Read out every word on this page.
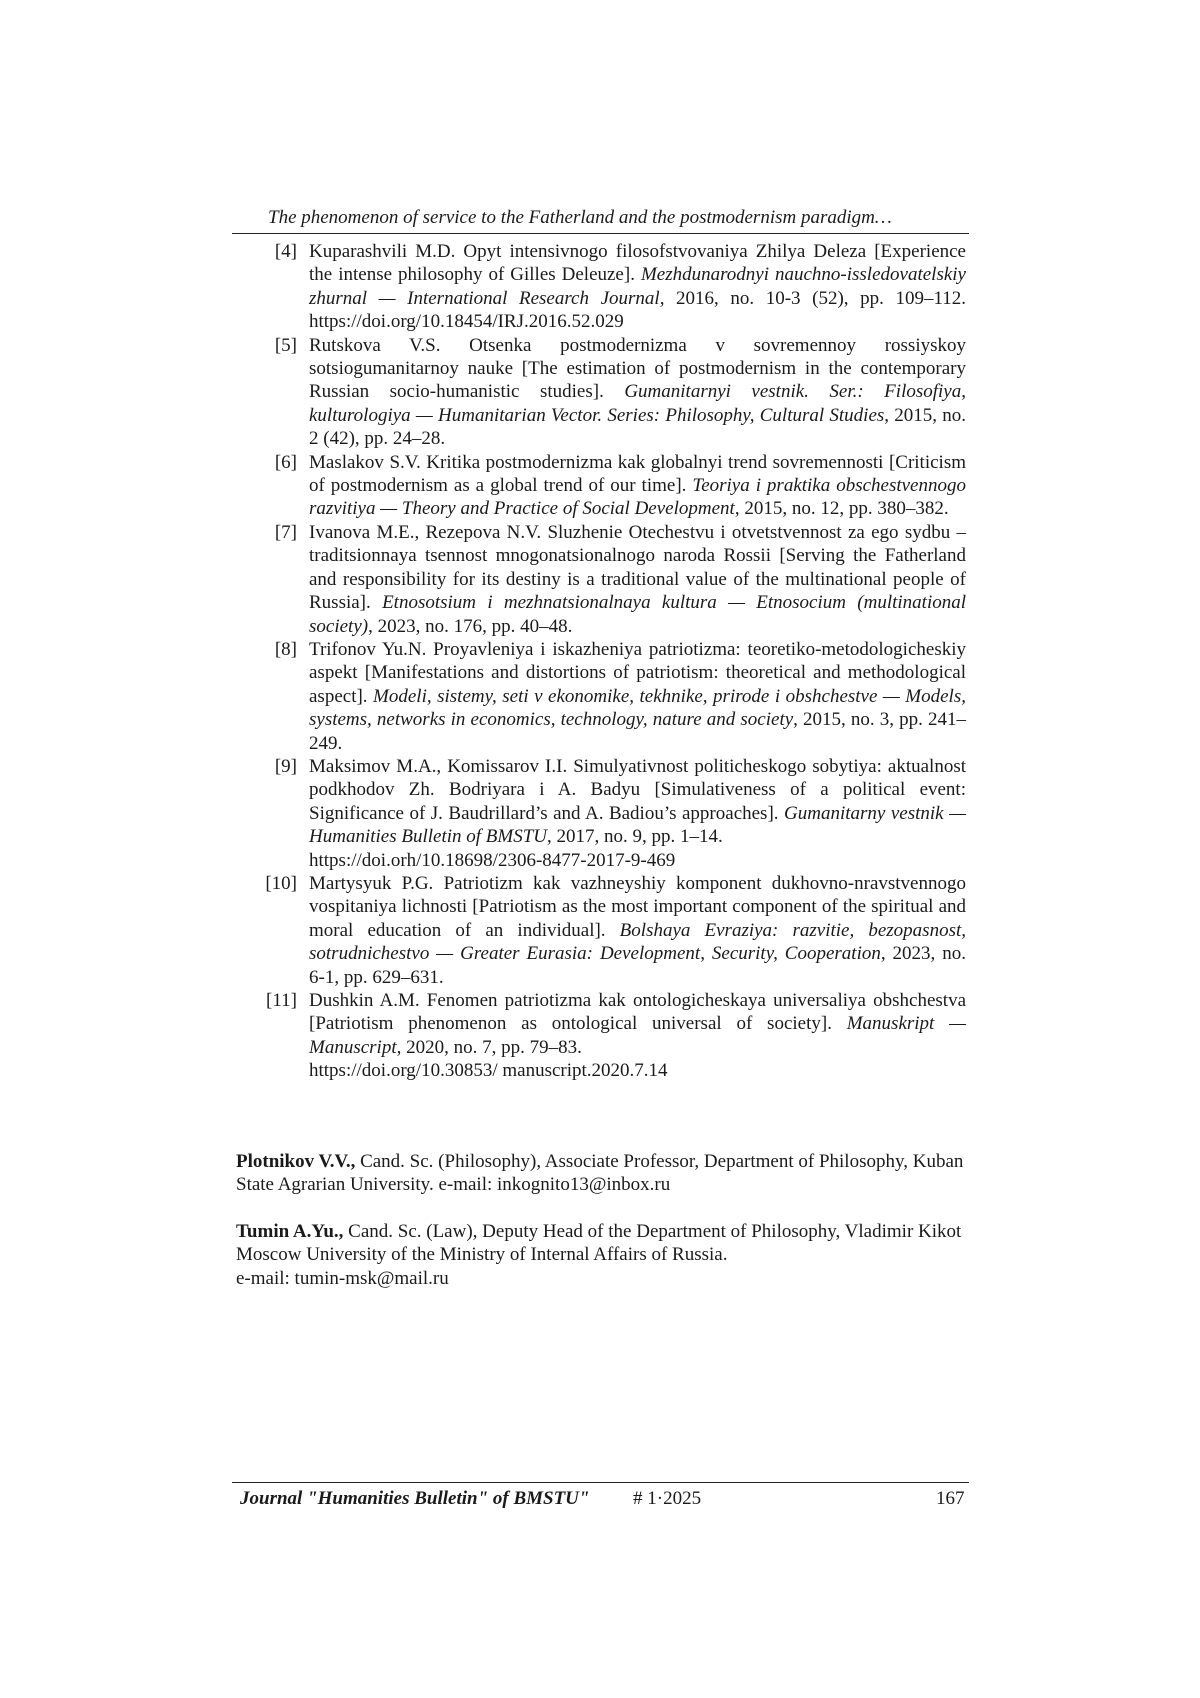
The phenomenon of service to the Fatherland and the postmodernism paradigm…
[4] Kuparashvili M.D. Opyt intensivnogo filosofstvovaniya Zhilya Deleza [Experience the intense philosophy of Gilles Deleuze]. Mezhdunarodnyi nauchno-issledovatelskiy zhurnal — International Research Journal, 2016, no. 10-3 (52), pp. 109–112. https://doi.org/10.18454/IRJ.2016.52.029
[5] Rutskova V.S. Otsenka postmodernizma v sovremennoy rossiyskoy sotsiogumanitarnoy nauke [The estimation of postmodernism in the contemporary Russian socio-humanistic studies]. Gumanitarnyi vestnik. Ser.: Filosofiya, kulturologiya — Humanitarian Vector. Series: Philosophy, Cultural Studies, 2015, no. 2 (42), pp. 24–28.
[6] Maslakov S.V. Kritika postmodernizma kak globalnyi trend sovremennosti [Criticism of postmodernism as a global trend of our time]. Teoriya i praktika obschestvennogo razvitiya — Theory and Practice of Social Development, 2015, no. 12, pp. 380–382.
[7] Ivanova M.E., Rezepova N.V. Sluzhenie Otechestvu i otvetstvennost za ego sydbu – traditsionnaya tsennost mnogonatsionalnogo naroda Rossii [Serving the Fatherland and responsibility for its destiny is a traditional value of the multinational people of Russia]. Etnosotsium i mezhnatsionalnaya kultura — Etnosocium (multinational society), 2023, no. 176, pp. 40–48.
[8] Trifonov Yu.N. Proyavleniya i iskazheniya patriotizma: teoretiko-metodologicheskiy aspekt [Manifestations and distortions of patriotism: theoretical and methodological aspect]. Modeli, sistemy, seti v ekonomike, tekhnike, prirode i obshchestve — Models, systems, networks in economics, technology, nature and society, 2015, no. 3, pp. 241–249.
[9] Maksimov M.A., Komissarov I.I. Simulyativnost politicheskogo sobytiya: aktualnost podkhodov Zh. Bodriyara i A. Badyu [Simulativeness of a political event: Significance of J. Baudrillard’s and A. Badiou’s approaches]. Gumanitarny vestnik — Humanities Bulletin of BMSTU, 2017, no. 9, pp. 1–14.
https://doi.orh/10.18698/2306-8477-2017-9-469
[10] Martysyuk P.G. Patriotizm kak vazhneyshiy komponent dukhovno-nravstvennogo vospitaniya lichnosti [Patriotism as the most important component of the spiritual and moral education of an individual]. Bolshaya Evraziya: razvitie, bezopasnost, sotrudnichestvo — Greater Eurasia: Development, Security, Cooperation, 2023, no. 6-1, pp. 629–631.
[11] Dushkin A.M. Fenomen patriotizma kak ontologicheskaya universaliya obshchestva [Patriotism phenomenon as ontological universal of society]. Manuskript — Manuscript, 2020, no. 7, pp. 79–83.
https://doi.org/10.30853/ manuscript.2020.7.14

Plotnikov V.V., Cand. Sc. (Philosophy), Associate Professor, Department of Philosophy, Kuban State Agrarian University. e-mail: inkognito13@inbox.ru

Tumin A.Yu., Cand. Sc. (Law), Deputy Head of the Department of Philosophy, Vladimir Kikot Moscow University of the Ministry of Internal Affairs of Russia.
e-mail: tumin-msk@mail.ru

Journal "Humanities Bulletin" of BMSTU" # 1·2025	167
